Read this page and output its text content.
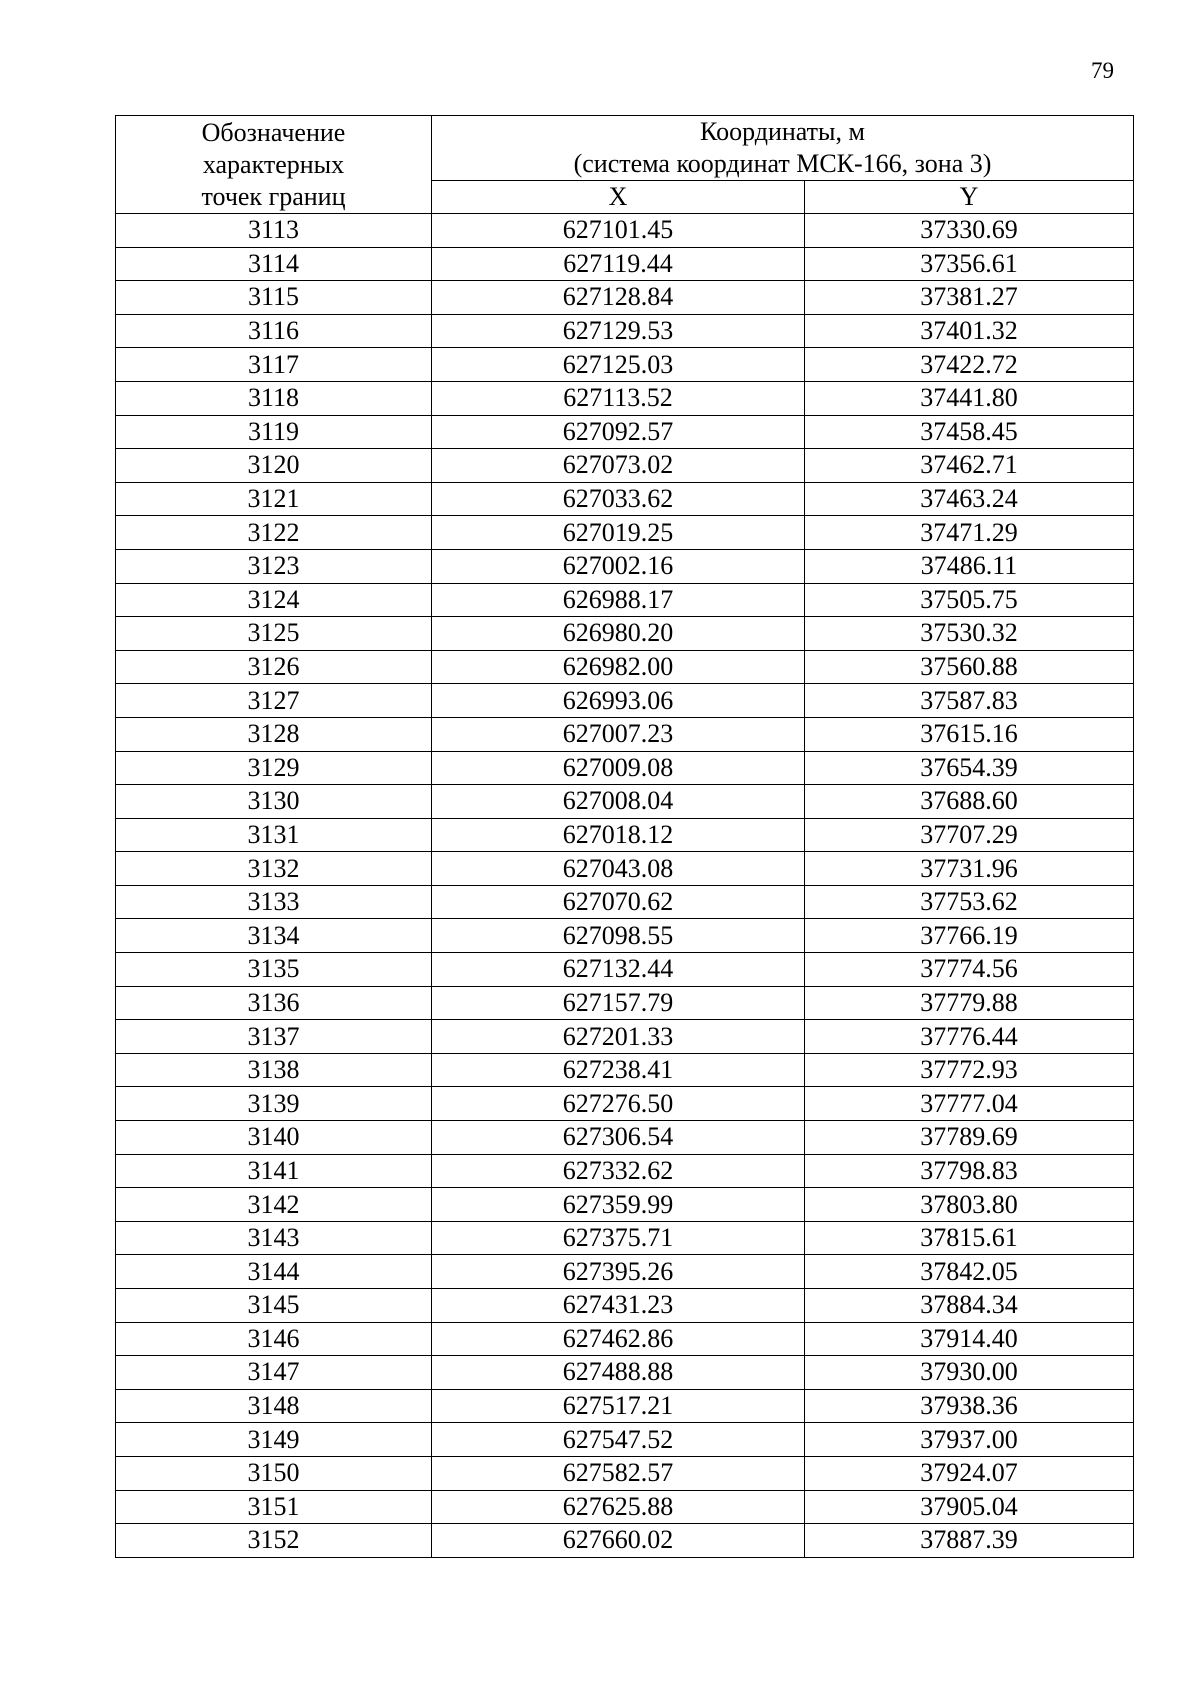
79
Обозначение
характерных
точек границ	Координаты, м
(система координат МСК-166, зона 3)	

	X	Y
3113	627101.45	37330.69
3114	627119.44	37356.61
3115	627128.84	37381.27
3116	627129.53	37401.32
3117	627125.03	37422.72
3118	627113.52	37441.80
3119	627092.57	37458.45
3120	627073.02	37462.71
3121	627033.62	37463.24
3122	627019.25	37471.29
3123	627002.16	37486.11
3124	626988.17	37505.75
3125	626980.20	37530.32
3126	626982.00	37560.88
3127	626993.06	37587.83
3128	627007.23	37615.16
3129	627009.08	37654.39
3130	627008.04	37688.60
3131	627018.12	37707.29
3132	627043.08	37731.96
3133	627070.62	37753.62
3134	627098.55	37766.19
3135	627132.44	37774.56
3136	627157.79	37779.88
3137	627201.33	37776.44
3138	627238.41	37772.93
3139	627276.50	37777.04
3140	627306.54	37789.69
3141	627332.62	37798.83
3142	627359.99	37803.80
3143	627375.71	37815.61
3144	627395.26	37842.05
3145	627431.23	37884.34
3146	627462.86	37914.40
3147	627488.88	37930.00
3148	627517.21	37938.36
3149	627547.52	37937.00
3150	627582.57	37924.07
3151	627625.88	37905.04
3152	627660.02	37887.39
